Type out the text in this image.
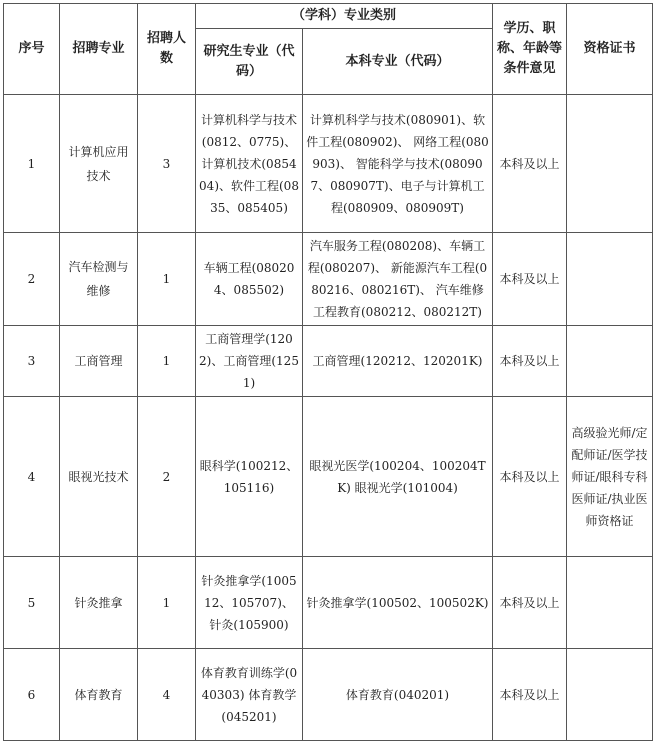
序号	招聘专业	招聘人数	（学科）专业类别		学历、职称、年龄等条件意见	资格证书
			研究生专业（代码）	本科专业（代码）		
1	计算机应用技术	3	计算机科学与技术(0812、0775)、计算机技术(085404)、软件工程(0835、085405)	计算机科学与技术(080901)、软件工程(080902)、 网络工程(080903)、 智能科学与技术(080907、080907T)、电子与计算机工程(080909、080909T)	本科及以上	
2	汽车检测与维修	1	车辆工程(080204、085502)	汽车服务工程(080208)、车辆工程(080207)、 新能源汽车工程(080216、080216T)、 汽车维修工程教育(080212、080212T)	本科及以上	
3	工商管理	1	工商管理学(1202)、工商管理(1251)	工商管理(120212、120201K)	本科及以上	
4	眼视光技术	2	眼科学(100212、105116)	眼视光医学(100204、100204TK) 眼视光学(101004)	本科及以上	高级验光师/定配师证/医学技师证/眼科专科医师证/执业医师资格证
5	针灸推拿	1	针灸推拿学(100512、105707)、针灸(105900)	针灸推拿学(100502、100502K)	本科及以上	
6	体育教育	4	体育教育训练学(040303) 体育教学(045201)	体育教育(040201)	本科及以上	
